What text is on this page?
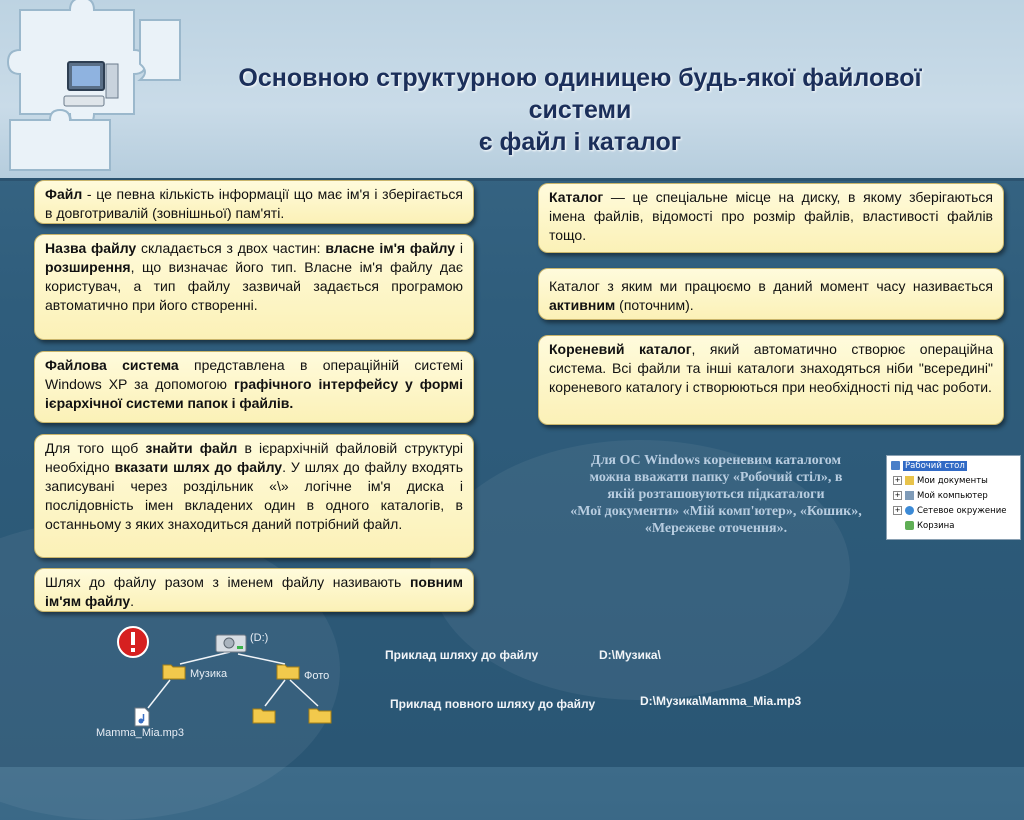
Основною структурною одиницею будь-якої файлової системи
є файл і каталог
Файл - це певна кількість інформації що має ім'я і зберігається в довготривалій (зовнішньої) пам'яті.
Назва файлу складається з двох частин: власне ім'я файлу і розширення, що визначає його тип. Власне ім'я файлу дає користувач, а тип файлу зазвичай задається програмою автоматично при його створенні.
Файлова система представлена в операційній системі Windows XP за допомогою графічного інтерфейсу у формі ієрархічної системи папок і файлів.
Для того щоб знайти файл в ієрархічній файловій структурі необхідно вказати шлях до файлу. У шлях до файлу входять записувані через роздільник «\» логічне ім'я диска і послідовність імен вкладених один в одного каталогів, в останньому з яких знаходиться даний потрібний файл.
Шлях до файлу разом з іменем файлу називають повним ім'ям файлу.
Каталог — це спеціальне місце на диску, в якому зберігаються імена файлів, відомості про розмір файлів, властивості файлів тощо.
Каталог з яким ми працюємо в даний момент часу називається активним (поточним).
Кореневий каталог, який автоматично створює операційна система. Всі файли та інші каталоги знаходяться ніби "всередині" кореневого каталогу і створюються при необхідності під час роботи.
Для ОС Windows кореневим каталогом
можна вважати папку «Робочий стіл», в
якій розташовуються підкаталоги
«Мої документи» «Мій комп'ютер», «Кошик»,
«Мережеве оточення».
Рабочий стол
+ Мои документы
+ Мой компьютер
+ Сетевое окружение
Корзина
(D:)
Музика	Фото
Mamma_Mia.mp3
Приклад шляху до файлу	D:\Музика\
Приклад повного шляху до файлу	D:\Музика\Mamma_Mia.mp3
